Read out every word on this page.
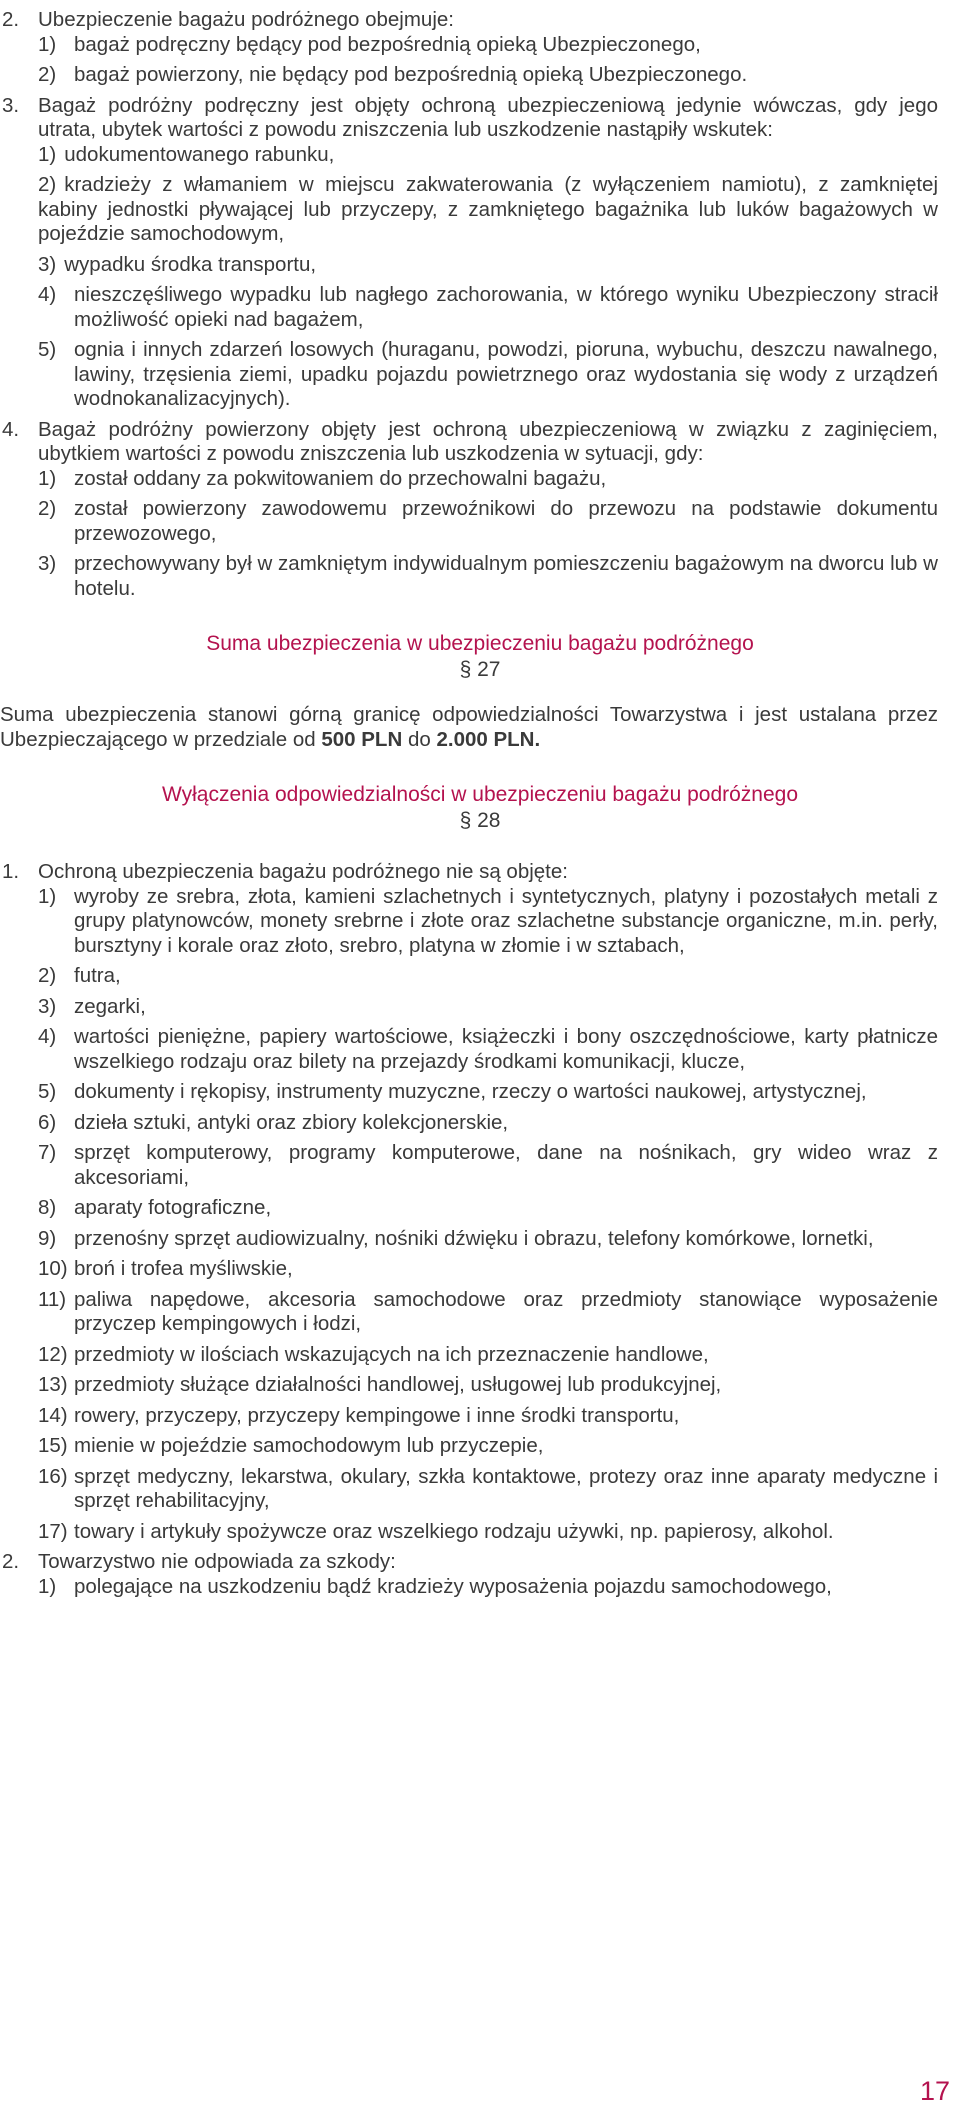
2. Ubezpieczenie bagażu podróżnego obejmuje:
1) bagaż podręczny będący pod bezpośrednią opieką Ubezpieczonego,
2) bagaż powierzony, nie będący pod bezpośrednią opieką Ubezpieczonego.
3. Bagaż podróżny podręczny jest objęty ochroną ubezpieczeniową jedynie wówczas, gdy jego utrata, ubytek wartości z powodu zniszczenia lub uszkodzenie nastąpiły wskutek:
1) udokumentowanego rabunku,
2) kradzieży z włamaniem w miejscu zakwaterowania (z wyłączeniem namiotu), z zamkniętej kabiny jednostki pływającej lub przyczepy, z zamkniętego bagażnika lub luków bagażowych w pojeździe samochodowym,
3) wypadku środka transportu,
4) nieszczęśliwego wypadku lub nagłego zachorowania, w którego wyniku Ubezpieczony stracił możliwość opieki nad bagażem,
5) ognia i innych zdarzeń losowych (huraganu, powodzi, pioruna, wybuchu, deszczu nawalnego, lawiny, trzęsienia ziemi, upadku pojazdu powietrznego oraz wydostania się wody z urządzeń wodnokanalizacyjnych).
4. Bagaż podróżny powierzony objęty jest ochroną ubezpieczeniową w związku z zaginięciem, ubytkiem wartości z powodu zniszczenia lub uszkodzenia w sytuacji, gdy:
1) został oddany za pokwitowaniem do przechowalni bagażu,
2) został powierzony zawodowemu przewoźnikowi do przewozu na podstawie dokumentu przewozowego,
3) przechowywany był w zamkniętym indywidualnym pomieszczeniu bagażowym na dworcu lub w hotelu.
Suma ubezpieczenia w ubezpieczeniu bagażu podróżnego
§ 27
Suma ubezpieczenia stanowi górną granicę odpowiedzialności Towarzystwa i jest ustalana przez Ubezpieczającego w przedziale od 500 PLN do 2.000 PLN.
Wyłączenia odpowiedzialności w ubezpieczeniu bagażu podróżnego
§ 28
1. Ochroną ubezpieczenia bagażu podróżnego nie są objęte:
1) wyroby ze srebra, złota, kamieni szlachetnych i syntetycznych, platyny i pozostałych metali z grupy platynowców, monety srebrne i złote oraz szlachetne substancje organiczne, m.in. perły, bursztyny i korale oraz złoto, srebro, platyna w złomie i w sztabach,
2) futra,
3) zegarki,
4) wartości pieniężne, papiery wartościowe, książeczki i bony oszczędnościowe, karty płatnicze wszelkiego rodzaju oraz bilety na przejazdy środkami komunikacji, klucze,
5) dokumenty i rękopisy, instrumenty muzyczne, rzeczy o wartości naukowej, artystycznej,
6) dzieła sztuki, antyki oraz zbiory kolekcjonerskie,
7) sprzęt komputerowy, programy komputerowe, dane na nośnikach, gry wideo wraz z akcesoriami,
8) aparaty fotograficzne,
9) przenośny sprzęt audiowizualny, nośniki dźwięku i obrazu, telefony komórkowe, lornetki,
10) broń i trofea myśliwskie,
11) paliwa napędowe, akcesoria samochodowe oraz przedmioty stanowiące wyposażenie przyczep kempingowych i łodzi,
12) przedmioty w ilościach wskazujących na ich przeznaczenie handlowe,
13) przedmioty służące działalności handlowej, usługowej lub produkcyjnej,
14) rowery, przyczepy, przyczepy kempingowe i inne środki transportu,
15) mienie w pojeździe samochodowym lub przyczepie,
16) sprzęt medyczny, lekarstwa, okulary, szkła kontaktowe, protezy oraz inne aparaty medyczne i sprzęt rehabilitacyjny,
17) towary i artykuły spożywcze oraz wszelkiego rodzaju używki, np. papierosy, alkohol.
2. Towarzystwo nie odpowiada za szkody:
1) polegające na uszkodzeniu bądź kradzieży wyposażenia pojazdu samochodowego,
17
